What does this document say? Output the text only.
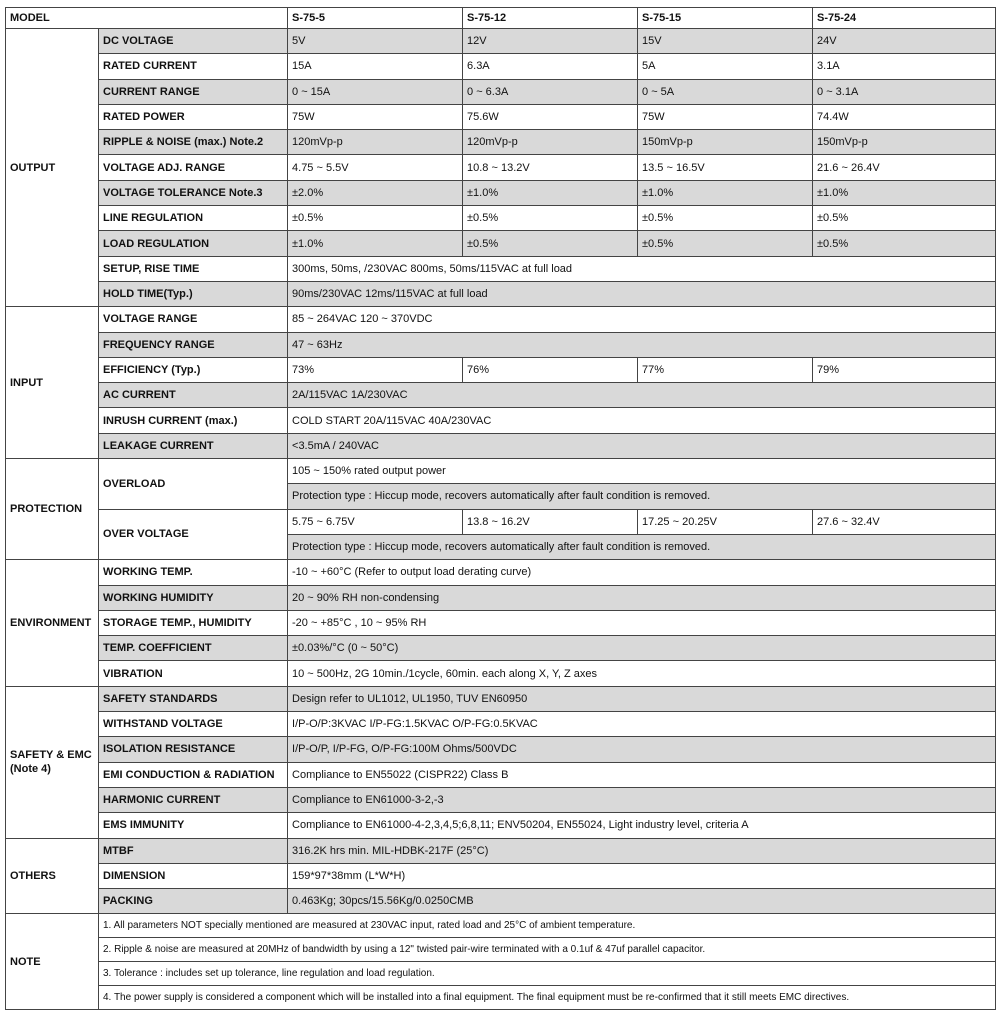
MODEL		S-75-5	S-75-12	S-75-15	S-75-24
OUTPUT	DC VOLTAGE	5V	12V	15V	24V
	RATED CURRENT	15A	6.3A	5A	3.1A
	CURRENT RANGE	0 ~ 15A	0 ~ 6.3A	0 ~ 5A	0 ~ 3.1A
	RATED POWER	75W	75.6W	75W	74.4W
	RIPPLE & NOISE (max.) Note.2	120mVp-p	120mVp-p	150mVp-p	150mVp-p
	VOLTAGE ADJ. RANGE	4.75 ~ 5.5V	10.8 ~ 13.2V	13.5 ~ 16.5V	21.6 ~ 26.4V
	VOLTAGE TOLERANCE Note.3	±2.0%	±1.0%	±1.0%	±1.0%
	LINE REGULATION	±0.5%	±0.5%	±0.5%	±0.5%
	LOAD REGULATION	±1.0%	±0.5%	±0.5%	±0.5%
	SETUP, RISE TIME	300ms, 50ms, /230VAC 800ms, 50ms/115VAC at full load			
	HOLD TIME(Typ.)	90ms/230VAC 12ms/115VAC at full load			
INPUT	VOLTAGE RANGE	85 ~ 264VAC 120 ~ 370VDC			
	FREQUENCY RANGE	47 ~ 63Hz			
	EFFICIENCY (Typ.)	73%	76%	77%	79%
	AC CURRENT	2A/115VAC 1A/230VAC			
	INRUSH CURRENT (max.)	COLD START 20A/115VAC 40A/230VAC			
	LEAKAGE CURRENT	<3.5mA / 240VAC			
PROTECTION	OVERLOAD	105 ~ 150% rated output power			
		Protection type : Hiccup mode, recovers automatically after fault condition is removed.			
	OVER VOLTAGE	5.75 ~ 6.75V	13.8 ~ 16.2V	17.25 ~ 20.25V	27.6 ~ 32.4V
		Protection type : Hiccup mode, recovers automatically after fault condition is removed.			
ENVIRONMENT	WORKING TEMP.	-10 ~ +60°C (Refer to output load derating curve)			
	WORKING HUMIDITY	20 ~ 90% RH non-condensing			
	STORAGE TEMP., HUMIDITY	-20 ~ +85°C , 10 ~ 95% RH			
	TEMP. COEFFICIENT	±0.03%/°C (0 ~ 50°C)			
	VIBRATION	10 ~ 500Hz, 2G 10min./1cycle, 60min. each along X, Y, Z axes			
SAFETY & EMC (Note 4)	SAFETY STANDARDS	Design refer to UL1012, UL1950, TUV EN60950			
	WITHSTAND VOLTAGE	I/P-O/P:3KVAC I/P-FG:1.5KVAC O/P-FG:0.5KVAC			
	ISOLATION RESISTANCE	I/P-O/P, I/P-FG, O/P-FG:100M Ohms/500VDC			
	EMI CONDUCTION & RADIATION	Compliance to EN55022 (CISPR22) Class B			
	HARMONIC CURRENT	Compliance to EN61000-3-2,-3			
	EMS IMMUNITY	Compliance to EN61000-4-2,3,4,5;6,8,11; ENV50204, EN55024, Light industry level, criteria A			
OTHERS	MTBF	316.2K hrs min. MIL-HDBK-217F (25°C)			
	DIMENSION	159*97*38mm (L*W*H)			
	PACKING	0.463Kg; 30pcs/15.56Kg/0.0250CMB			
NOTE	1. All parameters NOT specially mentioned are measured at 230VAC input, rated load and 25°C of ambient temperature.				
	2. Ripple & noise are measured at 20MHz of bandwidth by using a 12" twisted pair-wire terminated with a 0.1uf & 47uf parallel capacitor.				
	3. Tolerance : includes set up tolerance, line regulation and load regulation.				
	4. The power supply is considered a component which will be installed into a final equipment. The final equipment must be re-confirmed that it still meets EMC directives.				
